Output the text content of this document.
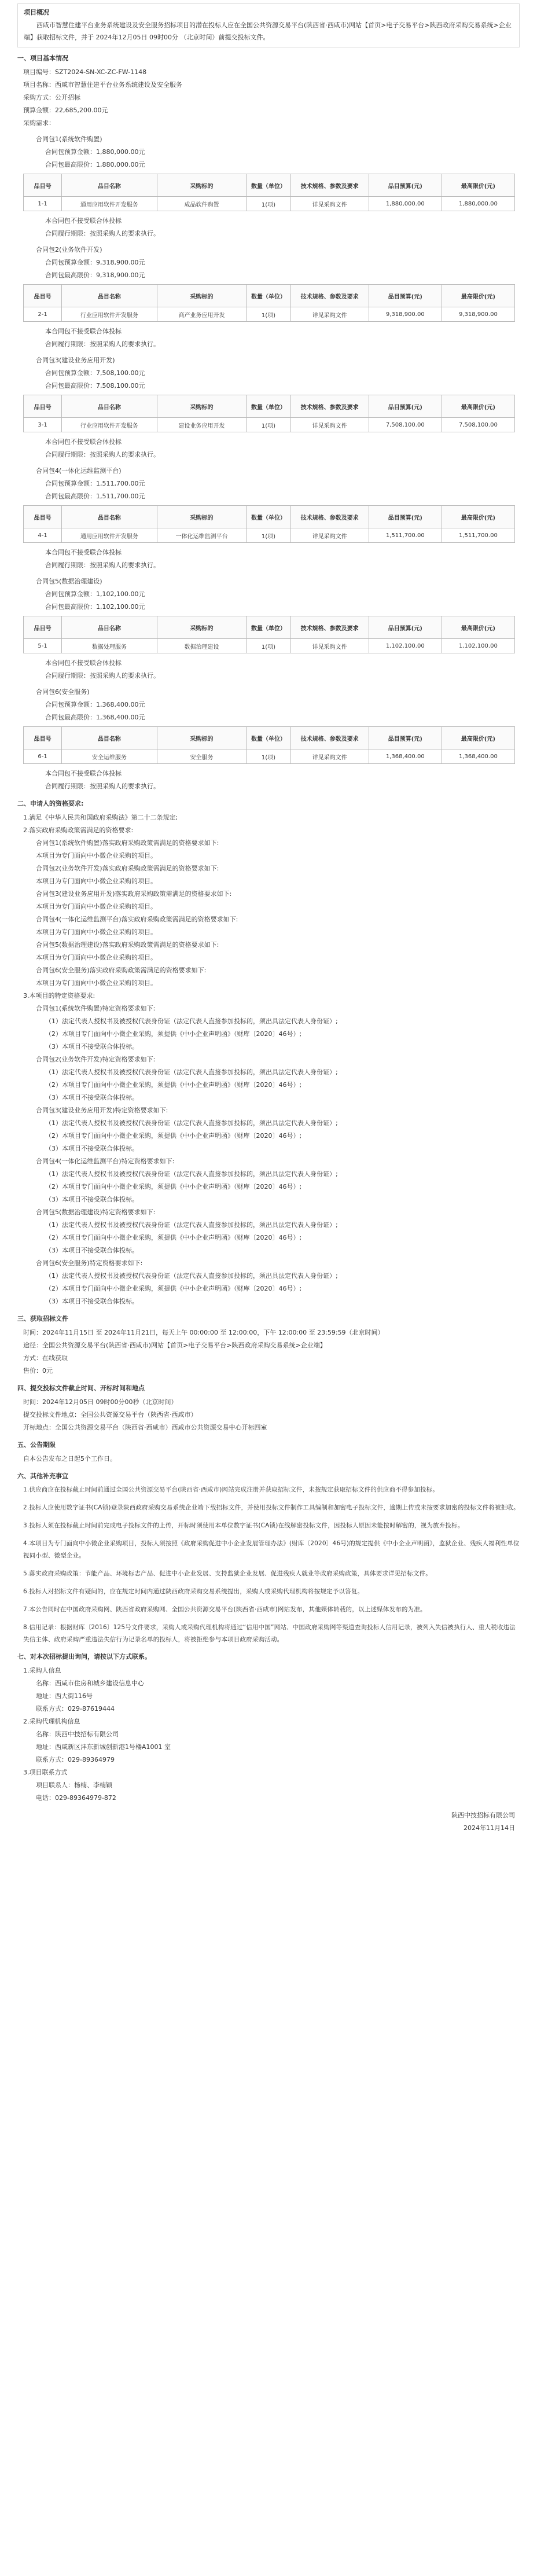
项目概况

西咸市智慧住建平台业务系统建设及安全服务招标项目的潜在投标人应在全国公共资源交易平台(陕西省·西咸市)网站【首页>电子交易平台>陕西政府采购交易系统>企业端】获取招标文件，并于 2024年12月05日 09时00分 （北京时间）前提交投标文件。

一、项目基本情况
项目编号：SZT2024-SN-XC-ZC-FW-1148
项目名称：西咸市智慧住建平台业务系统建设及安全服务
采购方式：公开招标
预算金额：22,685,200.00元
采购需求：
合同包1(系统软件购置)
合同包预算金额：1,880,000.00元
合同包最高限价：1,880,000.00元
品目号	品目名称	采购标的	数量（单位）	技术规格、参数及要求	品目预算(元)	最高限价(元)
1-1	通用应用软件开发服务	成品软件购置	1(项)	详见采购文件	1,880,000.00	1,880,000.00
本合同包不接受联合体投标
合同履行期限：按照采购人的要求执行。
合同包2(业务软件开发)
合同包预算金额：9,318,900.00元
合同包最高限价：9,318,900.00元
品目号	品目名称	采购标的	数量（单位）	技术规格、参数及要求	品目预算(元)	最高限价(元)
2-1	行业应用软件开发服务	商产业务应用开发	1(项)	详见采购文件	9,318,900.00	9,318,900.00
本合同包不接受联合体投标
合同履行期限：按照采购人的要求执行。
合同包3(建设业务应用开发)
合同包预算金额：7,508,100.00元
合同包最高限价：7,508,100.00元
品目号	品目名称	采购标的	数量（单位）	技术规格、参数及要求	品目预算(元)	最高限价(元)
3-1	行业应用软件开发服务	建设业务应用开发	1(项)	详见采购文件	7,508,100.00	7,508,100.00
本合同包不接受联合体投标
合同履行期限：按照采购人的要求执行。
合同包4(一体化运维监测平台)
合同包预算金额：1,511,700.00元
合同包最高限价：1,511,700.00元
品目号	品目名称	采购标的	数量（单位）	技术规格、参数及要求	品目预算(元)	最高限价(元)
4-1	通用应用软件开发服务	一体化运维监测平台	1(项)	详见采购文件	1,511,700.00	1,511,700.00
本合同包不接受联合体投标
合同履行期限：按照采购人的要求执行。
合同包5(数据治理建设)
合同包预算金额：1,102,100.00元
合同包最高限价：1,102,100.00元
品目号	品目名称	采购标的	数量（单位）	技术规格、参数及要求	品目预算(元)	最高限价(元)
5-1	数据处理服务	数据治理建设	1(项)	详见采购文件	1,102,100.00	1,102,100.00
本合同包不接受联合体投标
合同履行期限：按照采购人的要求执行。
合同包6(安全服务)
合同包预算金额：1,368,400.00元
合同包最高限价：1,368,400.00元
品目号	品目名称	采购标的	数量（单位）	技术规格、参数及要求	品目预算(元)	最高限价(元)
6-1	安全运维服务	安全服务	1(项)	详见采购文件	1,368,400.00	1,368,400.00
本合同包不接受联合体投标
合同履行期限：按照采购人的要求执行。
二、申请人的资格要求:
1.满足《中华人民共和国政府采购法》第二十二条规定;
2.落实政府采购政策需满足的资格要求:
合同包1(系统软件购置)落实政府采购政策需满足的资格要求如下:
本项目为专门面向中小微企业采购的项目。
合同包2(业务软件开发)落实政府采购政策需满足的资格要求如下:
本项目为专门面向中小微企业采购的项目。
合同包3(建设业务应用开发)落实政府采购政策需满足的资格要求如下:
本项目为专门面向中小微企业采购的项目。
合同包4(一体化运维监测平台)落实政府采购政策需满足的资格要求如下:
本项目为专门面向中小微企业采购的项目。
合同包5(数据治理建设)落实政府采购政策需满足的资格要求如下:
本项目为专门面向中小微企业采购的项目。
合同包6(安全服务)落实政府采购政策需满足的资格要求如下:
本项目为专门面向中小微企业采购的项目。
3.本项目的特定资格要求:
合同包1(系统软件购置)特定资格要求如下:
（1）法定代表人授权书及被授权代表身份证（法定代表人直接参加投标的，须出具法定代表人身份证）;
（2）本项目专门面向中小微企业采购，须提供《中小企业声明函》（财库〔2020〕46号）;
（3）本项目不接受联合体投标。
合同包2(业务软件开发)特定资格要求如下:
（1）法定代表人授权书及被授权代表身份证（法定代表人直接参加投标的，须出具法定代表人身份证）;
（2）本项目专门面向中小微企业采购，须提供《中小企业声明函》（财库〔2020〕46号）;
（3）本项目不接受联合体投标。
合同包3(建设业务应用开发)特定资格要求如下:
（1）法定代表人授权书及被授权代表身份证（法定代表人直接参加投标的，须出具法定代表人身份证）;
（2）本项目专门面向中小微企业采购，须提供《中小企业声明函》（财库〔2020〕46号）;
（3）本项目不接受联合体投标。
合同包4(一体化运维监测平台)特定资格要求如下:
（1）法定代表人授权书及被授权代表身份证（法定代表人直接参加投标的，须出具法定代表人身份证）;
（2）本项目专门面向中小微企业采购，须提供《中小企业声明函》（财库〔2020〕46号）;
（3）本项目不接受联合体投标。
合同包5(数据治理建设)特定资格要求如下:
（1）法定代表人授权书及被授权代表身份证（法定代表人直接参加投标的，须出具法定代表人身份证）;
（2）本项目专门面向中小微企业采购，须提供《中小企业声明函》（财库〔2020〕46号）;
（3）本项目不接受联合体投标。
合同包6(安全服务)特定资格要求如下:
（1）法定代表人授权书及被授权代表身份证（法定代表人直接参加投标的，须出具法定代表人身份证）;
（2）本项目专门面向中小微企业采购，须提供《中小企业声明函》（财库〔2020〕46号）;
（3）本项目不接受联合体投标。
三、获取招标文件
时间：2024年11月15日 至 2024年11月21日，每天上午 00:00:00 至 12:00:00，下午 12:00:00 至 23:59:59（北京时间）
途径：全国公共资源交易平台(陕西省·西咸市)网站【首页>电子交易平台>陕西政府采购交易系统>企业端】
方式：在线获取
售价：0元
四、提交投标文件截止时间、开标时间和地点
时间：2024年12月05日 09时00分00秒（北京时间）
提交投标文件地点：全国公共资源交易平台（陕西省·西咸市）
开标地点：全国公共资源交易平台（陕西省·西咸市）西咸市公共资源交易中心开标四室
五、公告期限
自本公告发布之日起5个工作日。
六、其他补充事宜
1.供应商应在投标截止时间前通过全国公共资源交易平台(陕西省·西咸市)网站完成注册并获取招标文件，未按规定获取招标文件的供应商不得参加投标。
2.投标人应使用数字证书(CA锁)登录陕西政府采购交易系统企业端下载招标文件，并使用投标文件制作工具编制和加密电子投标文件，逾期上传或未按要求加密的投标文件将被拒收。
3.投标人须在投标截止时间前完成电子投标文件的上传，开标时须使用本单位数字证书(CA锁)在线解密投标文件，因投标人原因未能按时解密的，视为放弃投标。
4.本项目为专门面向中小微企业采购项目，投标人须按照《政府采购促进中小企业发展管理办法》(财库〔2020〕46号)的规定提供《中小企业声明函》，监狱企业、残疾人福利性单位视同小型、微型企业。
5.落实政府采购政策：节能产品、环境标志产品、促进中小企业发展、支持监狱企业发展、促进残疾人就业等政府采购政策，具体要求详见招标文件。
6.投标人对招标文件有疑问的，应在规定时间内通过陕西政府采购交易系统提出，采购人或采购代理机构将按规定予以答复。
7.本公告同时在中国政府采购网、陕西省政府采购网、全国公共资源交易平台(陕西省·西咸市)网站发布，其他媒体转载的，以上述媒体发布的为准。
8.信用记录：根据财库〔2016〕125号文件要求，采购人或采购代理机构将通过“信用中国”网站、中国政府采购网等渠道查询投标人信用记录，被列入失信被执行人、重大税收违法失信主体、政府采购严重违法失信行为记录名单的投标人，将被拒绝参与本项目政府采购活动。
七、对本次招标提出询问，请按以下方式联系。
1.采购人信息
名称：西咸市住房和城乡建设信息中心
地址：西大街116号
联系方式：029-87619444
2.采购代理机构信息
名称：陕西中技招标有限公司
地址：西咸新区沣东新城创新港1号楼A1001 室
联系方式：029-89364979
3.项目联系方式
项目联系人：杨楠、李楠颖
电话：029-89364979-872
陕西中技招标有限公司
2024年11月14日
